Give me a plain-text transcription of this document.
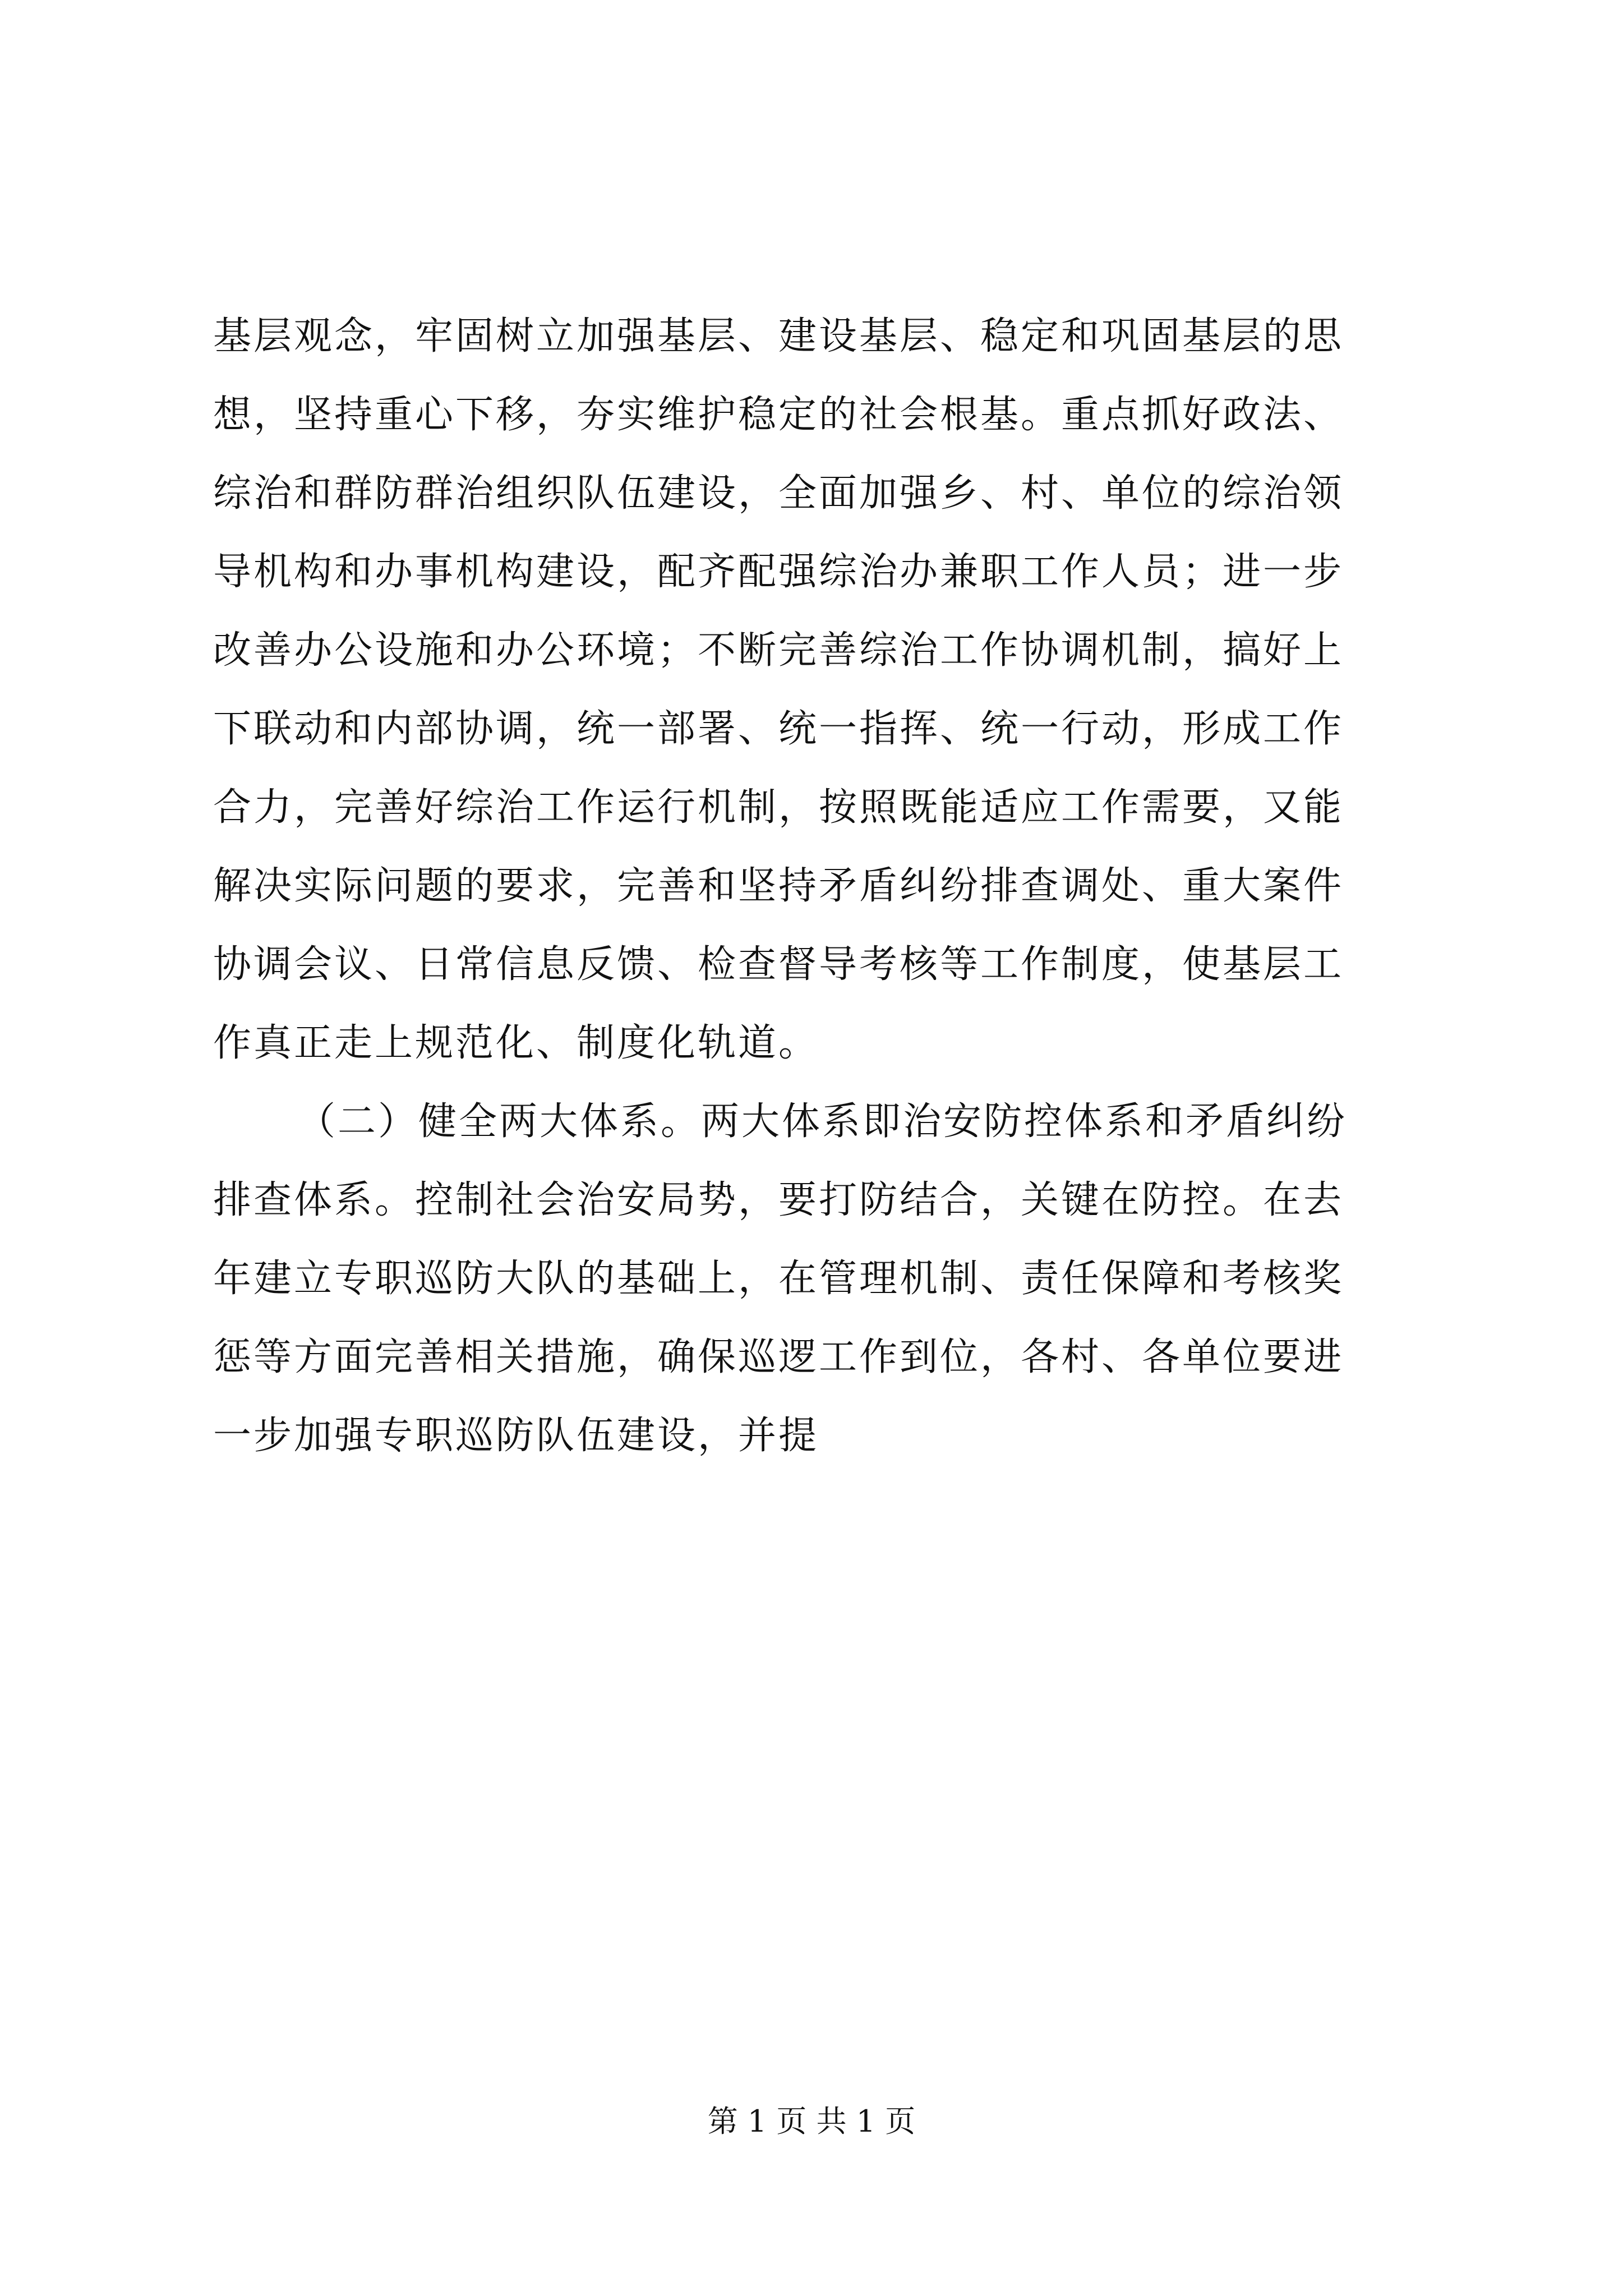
基层观念，牢固树立加强基层、建设基层、稳定和巩固基层的思
想，坚持重心下移，夯实维护稳定的社会根基。重点抓好政法、
综治和群防群治组织队伍建设，全面加强乡、村、单位的综治领
导机构和办事机构建设，配齐配强综治办兼职工作人员；进一步
改善办公设施和办公环境；不断完善综治工作协调机制，搞好上
下联动和内部协调，统一部署、统一指挥、统一行动，形成工作
合力，完善好综治工作运行机制，按照既能适应工作需要，又能
解决实际问题的要求，完善和坚持矛盾纠纷排查调处、重大案件
协调会议、日常信息反馈、检查督导考核等工作制度，使基层工
作真正走上规范化、制度化轨道。
（二）健全两大体系。两大体系即治安防控体系和矛盾纠纷
排查体系。控制社会治安局势，要打防结合，关键在防控。在去
年建立专职巡防大队的基础上，在管理机制、责任保障和考核奖
惩等方面完善相关措施，确保巡逻工作到位，各村、各单位要进
一步加强专职巡防队伍建设，并提
第 1 页 共 1 页
